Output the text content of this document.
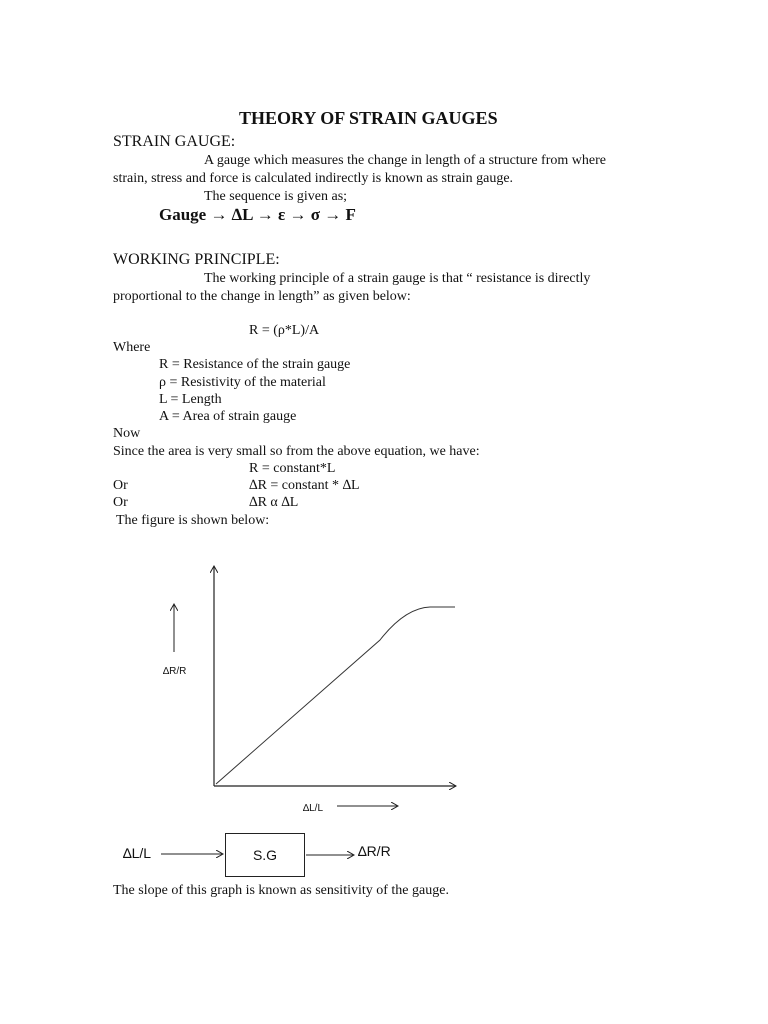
THEORY OF STRAIN GAUGES
STRAIN GAUGE:
A gauge which measures the change in length of a structure from where
strain, stress and force is calculated indirectly is known as strain gauge.
The sequence is given as;
Gauge → ∆L → ε → σ → F
WORKING PRINCIPLE:
The working principle of a strain gauge is that “ resistance is directly
proportional to the change in length” as given below:
R = (ρ*L)/A
Where
R = Resistance of the strain gauge
ρ = Resistivity of the material
L = Length
A = Area of strain gauge
Now
Since the area is very small so from the above equation, we have:
R = constant*L
Or	∆R = constant * ∆L
Or	∆R α ∆L
The figure is shown below:
∆R/R
∆L/L
∆L/L	S.G	∆R/R
The slope of this graph is known as sensitivity of the gauge.
